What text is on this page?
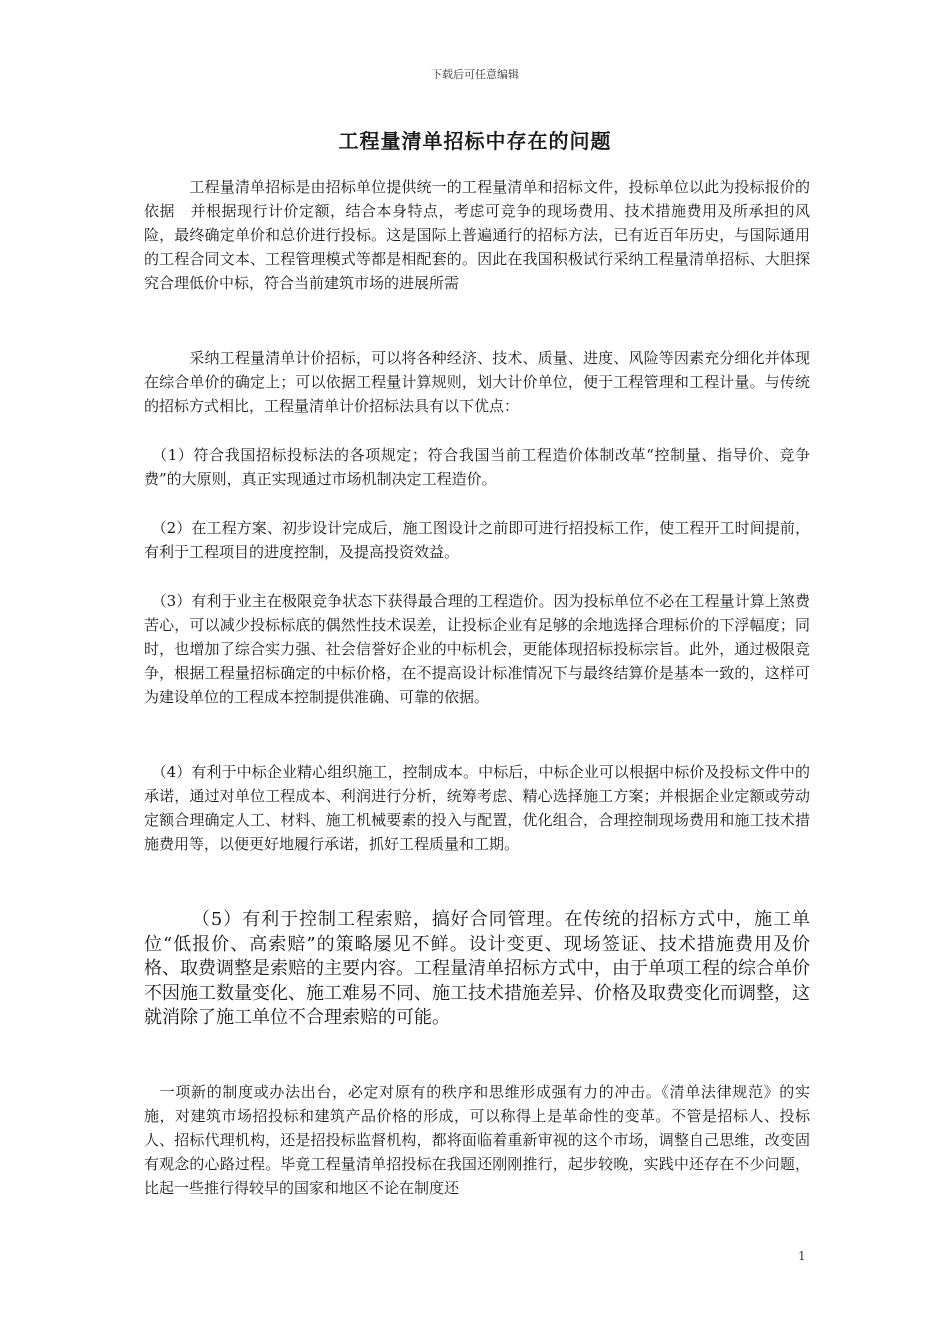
下载后可任意编辑
工程量清单招标中存在的问题

　　　工程量清单招标是由招标单位提供统一的工程量清单和招标文件，投标单位以此为投标报价的依据　并根据现行计价定额，结合本身特点，考虑可竞争的现场费用、技术措施费用及所承担的风险，最终确定单价和总价进行投标。这是国际上普遍通行的招标方法，已有近百年历史，与国际通用的工程合同文本、工程管理模式等都是相配套的。因此在我国积极试行采纳工程量清单招标、大胆探究合理低价中标，符合当前建筑市场的进展所需

　　　采纳工程量清单计价招标，可以将各种经济、技术、质量、进度、风险等因素充分细化并体现在综合单价的确定上；可以依据工程量计算规则，划大计价单位，便于工程管理和工程计量。与传统的招标方式相比，工程量清单计价招标法具有以下优点：

　（1）符合我国招标投标法的各项规定；符合我国当前工程造价体制改革“控制量、指导价、竞争费”的大原则，真正实现通过市场机制决定工程造价。

　（2）在工程方案、初步设计完成后，施工图设计之前即可进行招投标工作，使工程开工时间提前，有利于工程项目的进度控制，及提高投资效益。

　（3）有利于业主在极限竞争状态下获得最合理的工程造价。因为投标单位不必在工程量计算上煞费苦心，可以减少投标标底的偶然性技术误差，让投标企业有足够的余地选择合理标价的下浮幅度；同时，也增加了综合实力强、社会信誉好企业的中标机会，更能体现招标投标宗旨。此外，通过极限竞争，根据工程量招标确定的中标价格，在不提高设计标准情况下与最终结算价是基本一致的，这样可为建设单位的工程成本控制提供准确、可靠的依据。

　（4）有利于中标企业精心组织施工，控制成本。中标后，中标企业可以根据中标价及投标文件中的承诺，通过对单位工程成本、利润进行分析，统筹考虑、精心选择施工方案；并根据企业定额或劳动定额合理确定人工、材料、施工机械要素的投入与配置，优化组合，合理控制现场费用和施工技术措施费用等，以便更好地履行承诺，抓好工程质量和工期。

　　　（5）有利于控制工程索赔，搞好合同管理。在传统的招标方式中，施工单位“低报价、高索赔”的策略屡见不鲜。设计变更、现场签证、技术措施费用及价格、取费调整是索赔的主要内容。工程量清单招标方式中，由于单项工程的综合单价不因施工数量变化、施工难易不同、施工技术措施差异、价格及取费变化而调整，这就消除了施工单位不合理索赔的可能。

　一项新的制度或办法出台，必定对原有的秩序和思维形成强有力的冲击。《清单法律规范》的实施，对建筑市场招投标和建筑产品价格的形成，可以称得上是革命性的变革。不管是招标人、投标人、招标代理机构，还是招投标监督机构，都将面临着重新审视的这个市场，调整自己思维，改变固有观念的心路过程。毕竟工程量清单招投标在我国还刚刚推行，起步较晚，实践中还存在不少问题，比起一些推行得较早的国家和地区不论在制度还

1
